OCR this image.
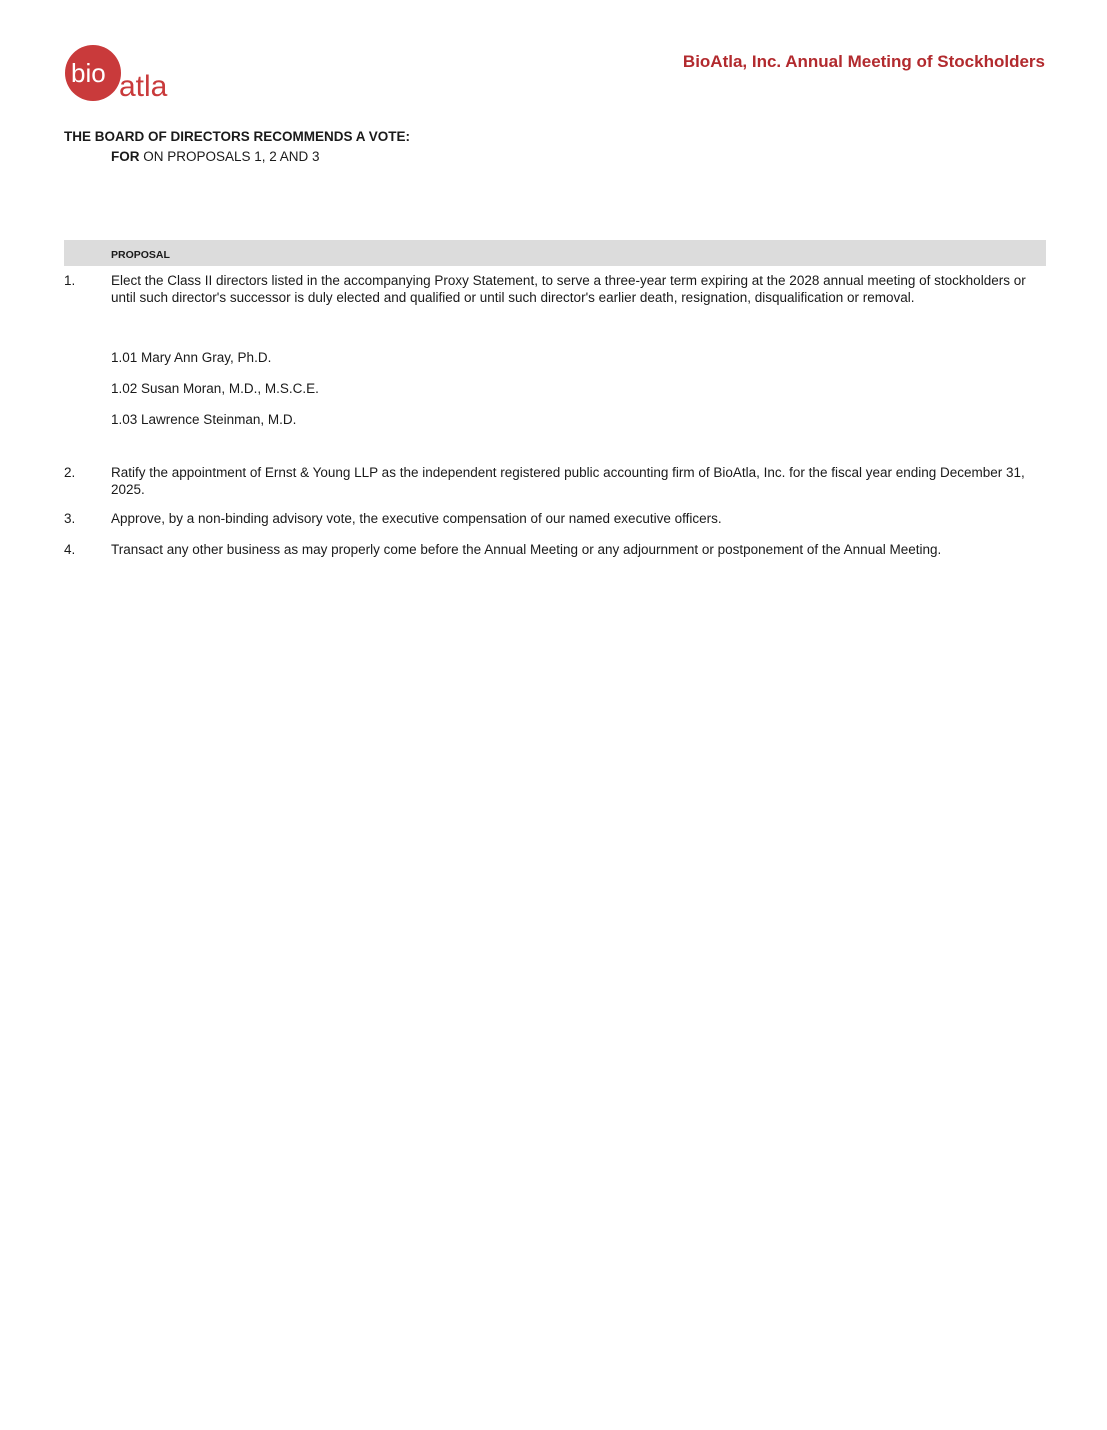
bio atla
BioAtla, Inc. Annual Meeting of Stockholders
THE BOARD OF DIRECTORS RECOMMENDS A VOTE:
FOR ON PROPOSALS 1, 2 AND 3
PROPOSAL
1.	Elect the Class II directors listed in the accompanying Proxy Statement, to serve a three-year term expiring at the 2028 annual meeting of stockholders or until such director's successor is duly elected and qualified or until such director's earlier death, resignation, disqualification or removal.
1.01 Mary Ann Gray, Ph.D.
1.02 Susan Moran, M.D., M.S.C.E.
1.03 Lawrence Steinman, M.D.
2.	Ratify the appointment of Ernst & Young LLP as the independent registered public accounting firm of BioAtla, Inc. for the fiscal year ending December 31, 2025.
3.	Approve, by a non-binding advisory vote, the executive compensation of our named executive officers.
4.	Transact any other business as may properly come before the Annual Meeting or any adjournment or postponement of the Annual Meeting.
